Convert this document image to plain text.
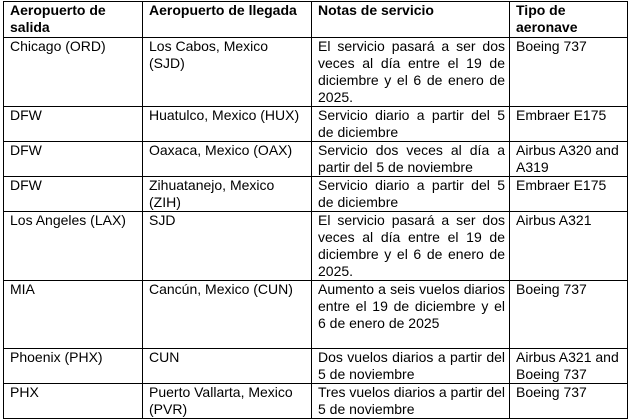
Aeropuerto de salida	Aeropuerto de llegada	Notas de servicio	Tipo de aeronave
Chicago (ORD)	Los Cabos, Mexico (SJD)	El servicio pasará a ser dos veces al día entre el 19 de diciembre y el 6 de enero de 2025.	Boeing 737
DFW	Huatulco, Mexico (HUX)	Servicio diario a partir del 5 de diciembre	Embraer E175
DFW	Oaxaca, Mexico (OAX)	Servicio dos veces al día a partir del 5 de noviembre	Airbus A320 and A319
DFW	Zihuatanejo, Mexico (ZIH)	Servicio diario a partir del 5 de diciembre	Embraer E175
Los Angeles (LAX)	SJD	El servicio pasará a ser dos veces al día entre el 19 de diciembre y el 6 de enero de 2025.	Airbus A321
MIA	Cancún, Mexico (CUN)	Aumento a seis vuelos diarios entre el 19 de diciembre y el 6 de enero de 2025	Boeing 737
Phoenix (PHX)	CUN	Dos vuelos diarios a partir del 5 de noviembre	Airbus A321 and Boeing 737
PHX	Puerto Vallarta, Mexico (PVR)	Tres vuelos diarios a partir del 5 de noviembre	Boeing 737
